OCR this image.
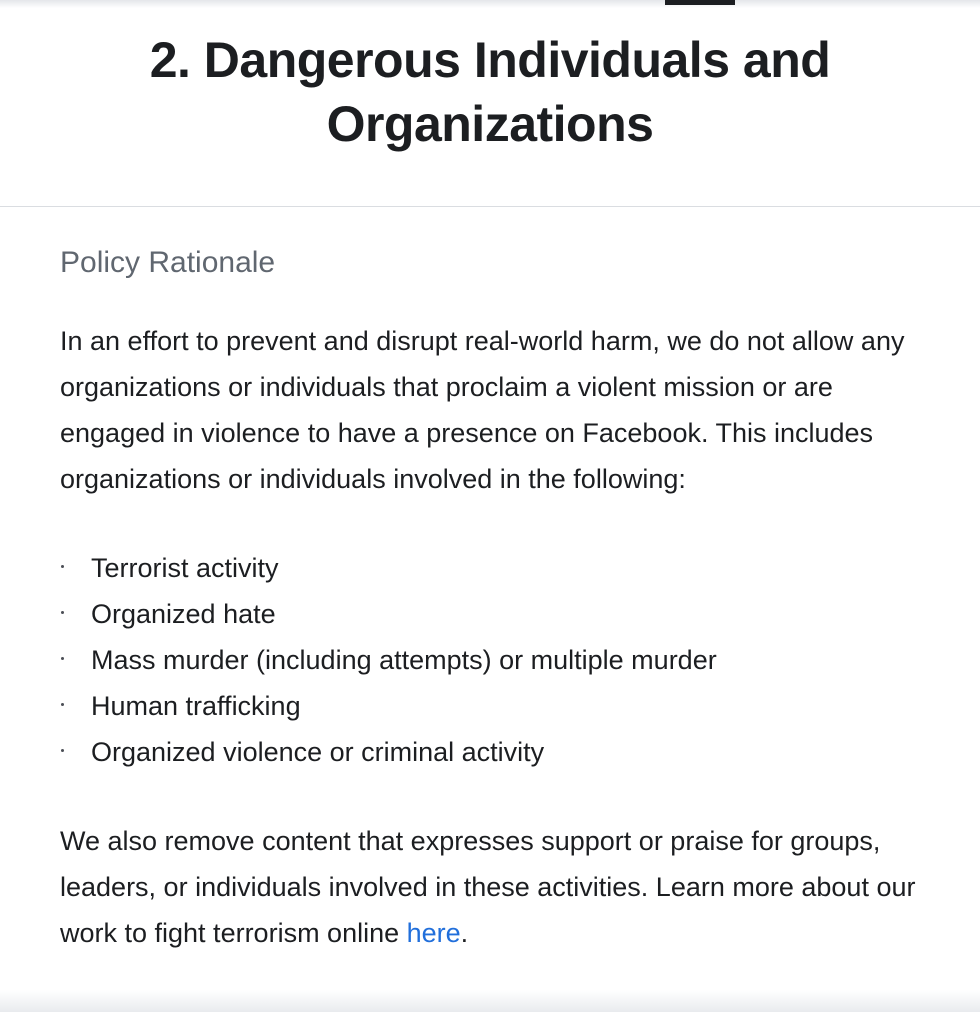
2. Dangerous Individuals and
Organizations
Policy Rationale

In an effort to prevent and disrupt real-world harm, we do not allow any organizations or individuals that proclaim a violent mission or are engaged in violence to have a presence on Facebook. This includes organizations or individuals involved in the following:

Terrorist activity
Organized hate
Mass murder (including attempts) or multiple murder
Human trafficking
Organized violence or criminal activity

We also remove content that expresses support or praise for groups, leaders, or individuals involved in these activities. Learn more about our work to fight terrorism online here.
